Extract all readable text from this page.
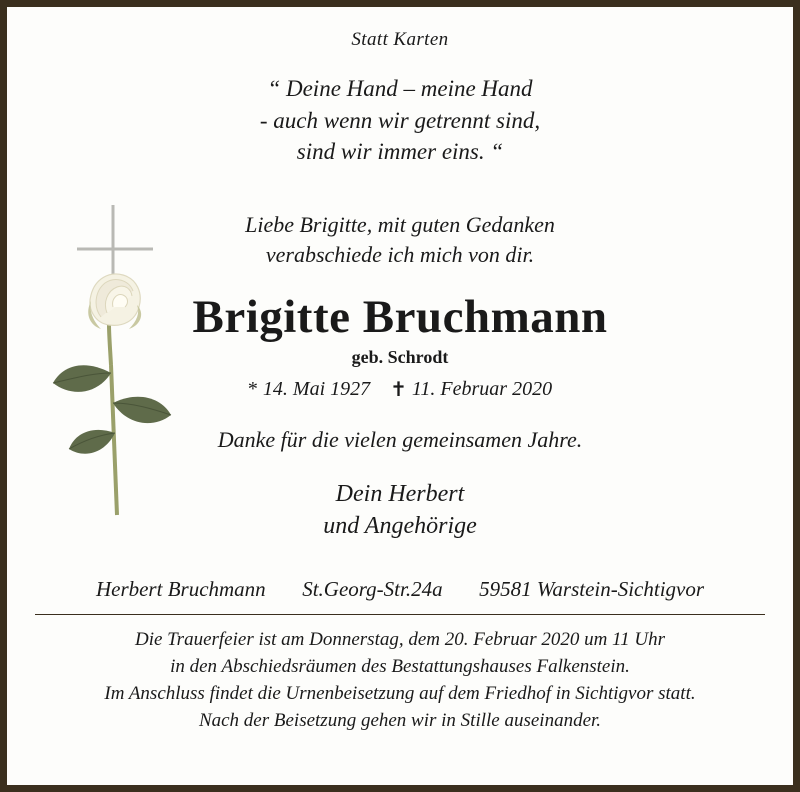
Statt Karten
“ Deine Hand – meine Hand
- auch wenn wir getrennt sind,
sind wir immer eins. “
Liebe Brigitte, mit guten Gedanken
verabschiede ich mich von dir.
Brigitte Bruchmann
geb. Schrodt
* 14. Mai 1927 ✝ 11. Februar 2020
Danke für die vielen gemeinsamen Jahre.
Dein Herbert
und Angehörige
Herbert Bruchmann St.Georg-Str.24a 59581 Warstein-Sichtigvor
Die Trauerfeier ist am Donnerstag, dem 20. Februar 2020 um 11 Uhr
in den Abschiedsräumen des Bestattungshauses Falkenstein.
Im Anschluss findet die Urnenbeisetzung auf dem Friedhof in Sichtigvor statt.
Nach der Beisetzung gehen wir in Stille auseinander.
